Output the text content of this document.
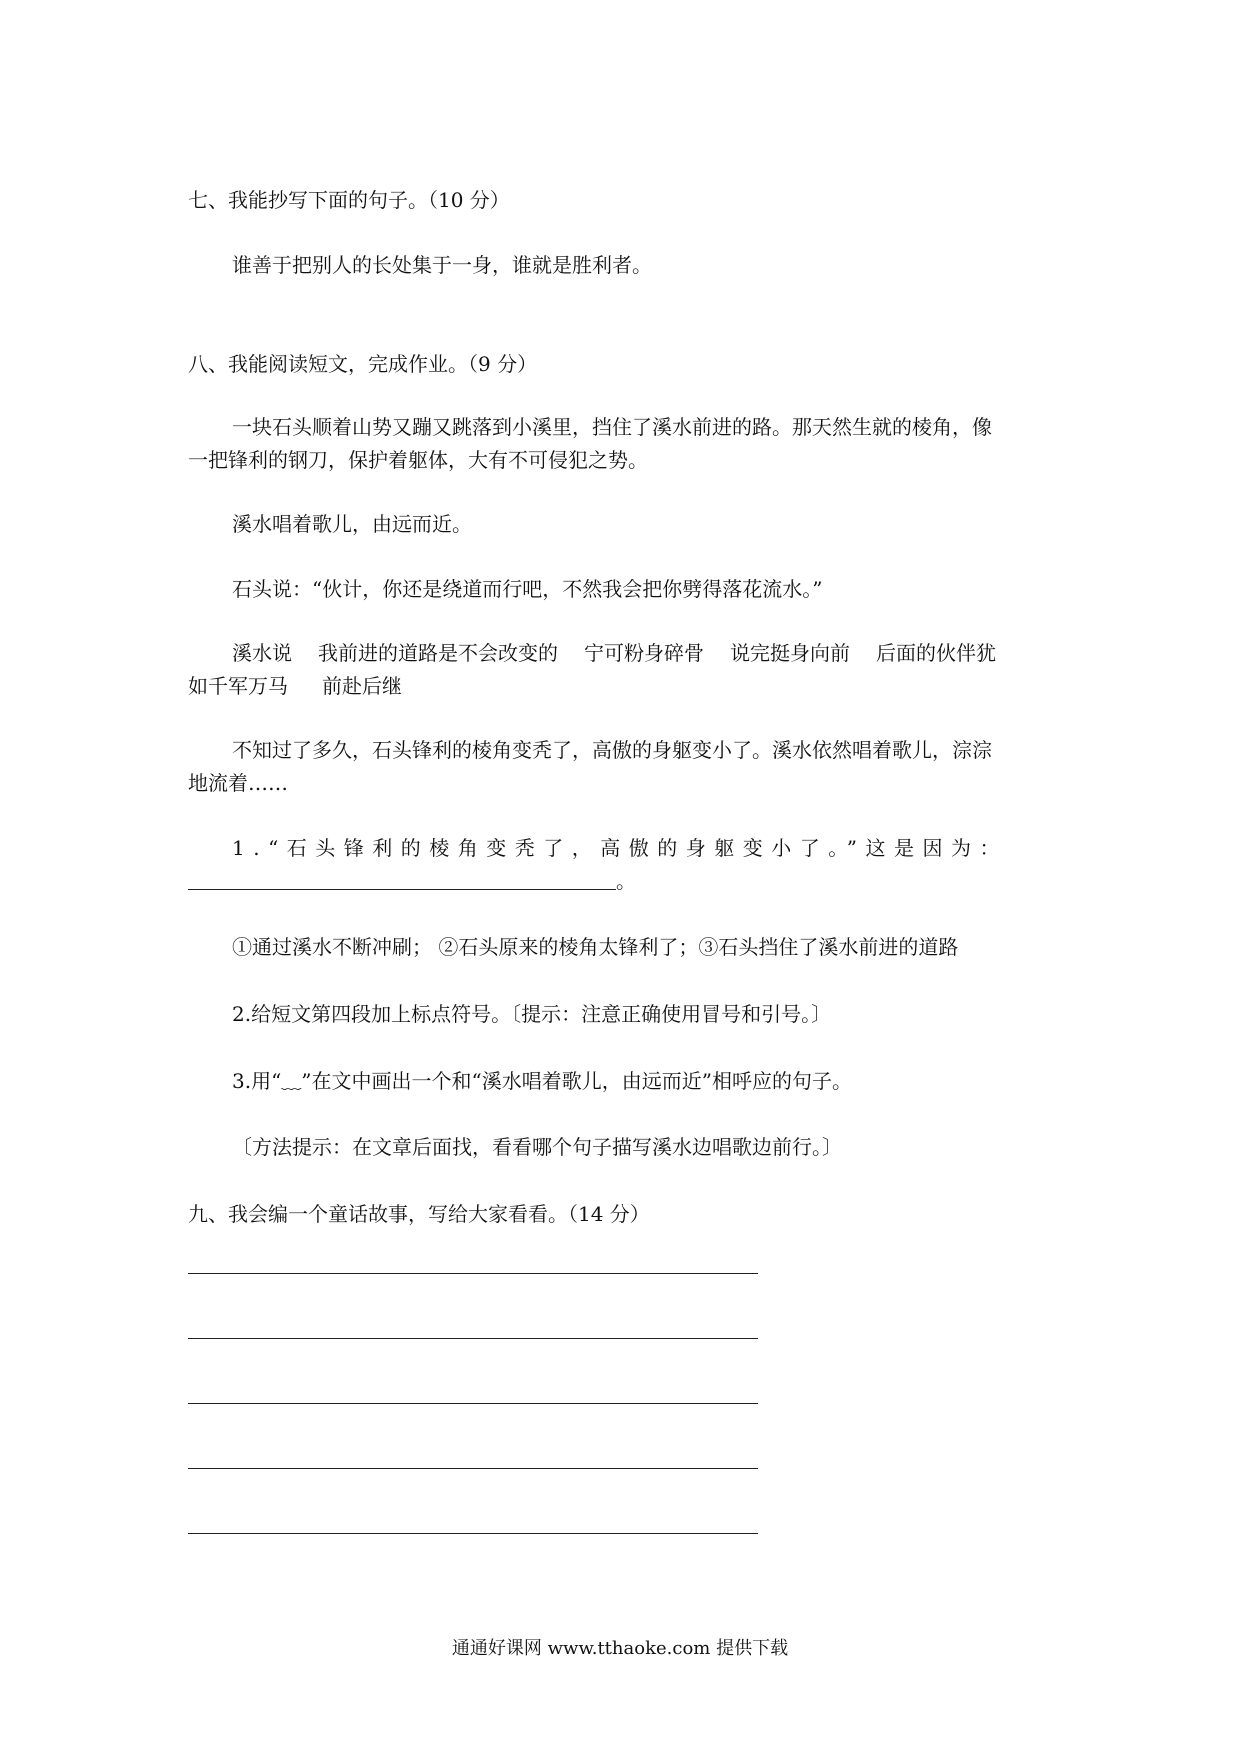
七、我能抄写下面的句子。（10 分）
谁善于把别人的长处集于一身，谁就是胜利者。
八、我能阅读短文，完成作业。（9 分）
一块石头顺着山势又蹦又跳落到小溪里，挡住了溪水前进的路。那天然生就的棱角，像
一把锋利的钢刀，保护着躯体，大有不可侵犯之势。
溪水唱着歌儿，由远而近。
石头说：“伙计，你还是绕道而行吧，不然我会把你劈得落花流水。”
溪水说 我前进的道路是不会改变的 宁可粉身碎骨 说完挺身向前 后面的伙伴犹
如千军万马 前赴后继
不知过了多久，石头锋利的棱角变秃了，高傲的身躯变小了。溪水依然唱着歌儿，淙淙
地流着……
1.“石头锋利的棱角变秃了，高傲的身躯变小了。”这是因为：
。
①通过溪水不断冲刷； ②石头原来的棱角太锋利了；③石头挡住了溪水前进的道路
2.给短文第四段加上标点符号。〔提示：注意正确使用冒号和引号。〕
3.用“﹏”在文中画出一个和“溪水唱着歌儿，由远而近”相呼应的句子。
〔方法提示：在文章后面找，看看哪个句子描写溪水边唱歌边前行。〕
九、我会编一个童话故事，写给大家看看。（14 分）
通通好课网 www.tthaoke.com 提供下载
